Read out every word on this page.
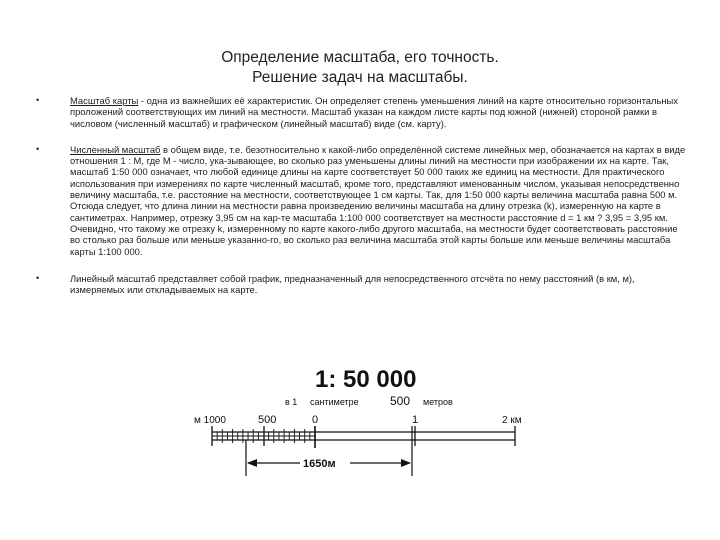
Определение масштаба, его точность.
Решение задач на масштабы.
•	Масштаб карты - одна из важнейших её характеристик. Он определяет степень уменьшения линий на карте относительно горизонтальных проложений соответствующих им линий на местности. Масштаб указан на каждом листе карты под южной (нижней) стороной рамки в числовом (численный масштаб) и графическом (линейный масштаб) виде (см. карту).
•	Численный масштаб в общем виде, т.е. безотносительно к какой-либо определённой системе линейных мер, обозначается на картах в виде отношения 1 : М, где М - число, ука-зывающее, во сколько раз уменьшены длины линий на местности при изображении их на карте. Так, масштаб 1:50 000 означает, что любой единице длины на карте соответствует 50 000 таких же единиц на местности. Для практического использования при измерениях по карте численный масштаб, кроме того, представляют именованным числом, указывая непосредственно величину масштаба, т.е. расстояние на местности, соответствующее 1 см карты. Так, для 1:50 000 карты величина масштаба равна 500 м. Отсюда следует, что длина линии на местности равна произведению величины масштаба на длину отрезка (k), измеренную на карте в сантиметрах. Например, отрезку 3,95 см на кар-те масштаба 1:100 000 соответствует на местности расстояние d = 1 км ? 3,95 = 3,95 км. Очевидно, что такому же отрезку k, измеренному по карте какого-либо другого масштаба, на местности будет соответствовать расстояние во столько раз больше или меньше указанно-го, во сколько раз величина масштаба этой карты больше или меньше величины масштаба карты 1:100 000.
•	Линейный масштаб представляет собой график, предназначенный для непосредственного отсчёта по нему расстояний (в км, м), измеряемых или откладываемых на карте.
1: 50 000
в 1 сантиметре	500 метров
м 1000	500	0	1	2 км
1650м
